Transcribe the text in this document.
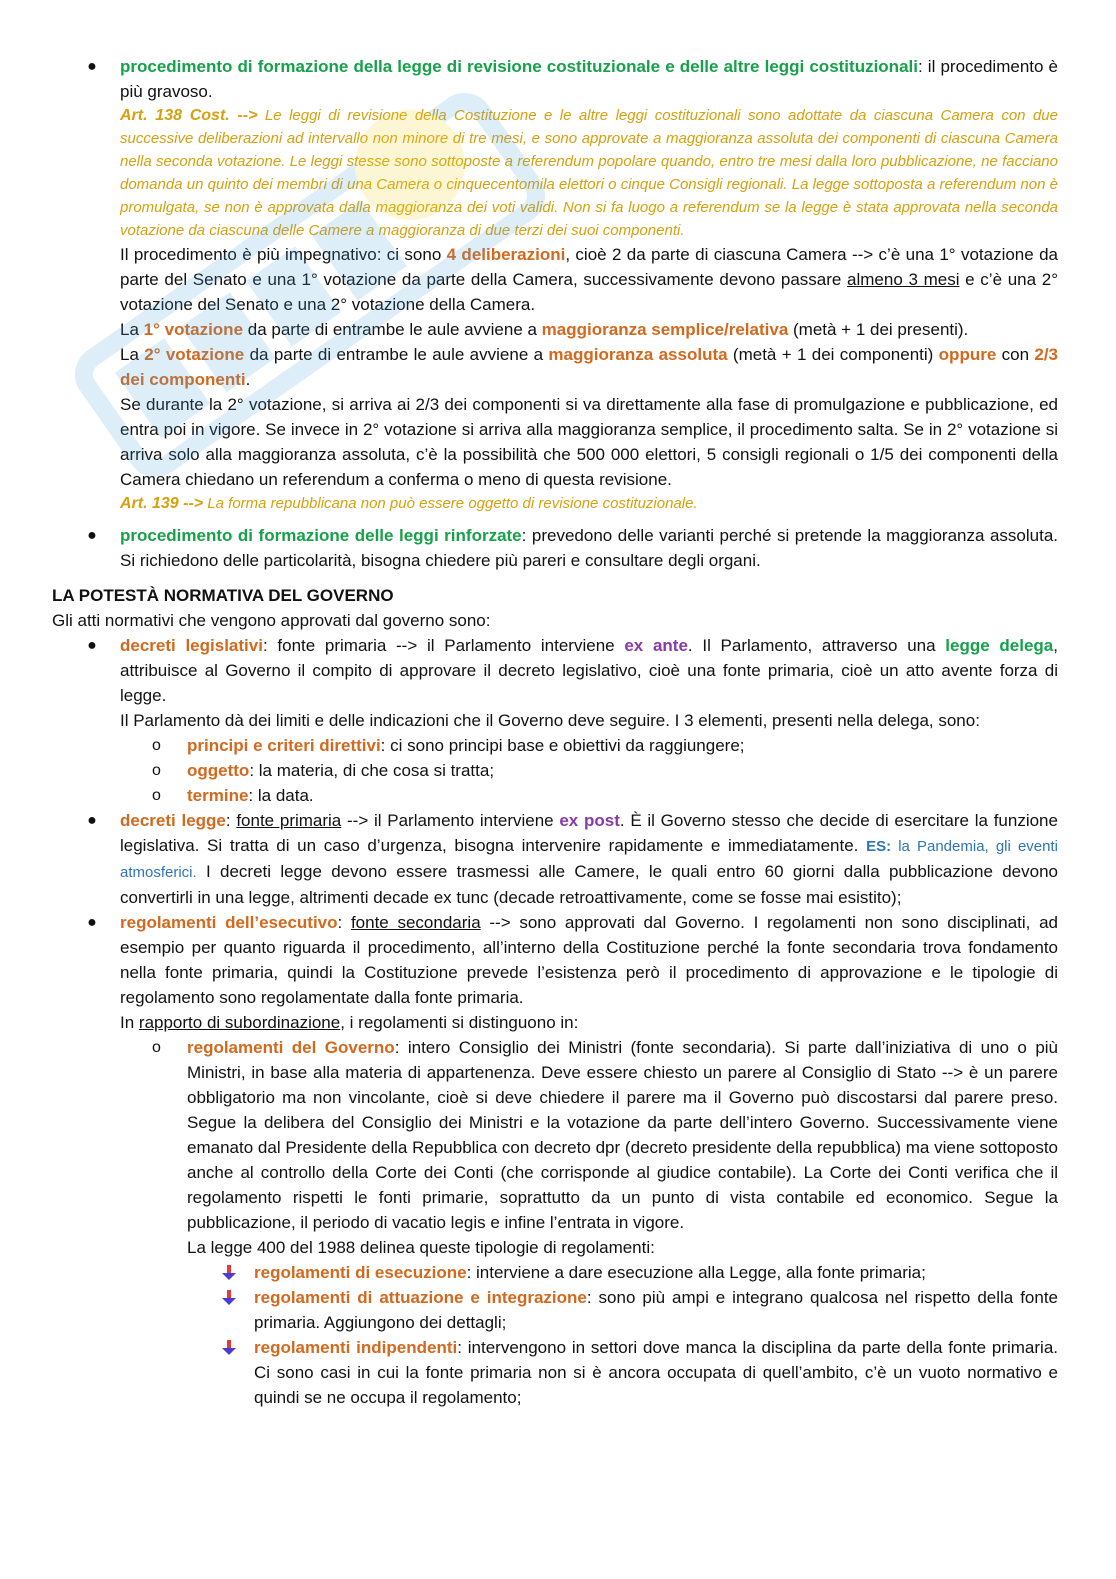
● procedimento di formazione della legge di revisione costituzionale e delle altre leggi costituzionali: il procedimento è più gravoso.
Art. 138 Cost. --> Le leggi di revisione della Costituzione e le altre leggi costituzionali sono adottate da ciascuna Camera con due successive deliberazioni ad intervallo non minore di tre mesi, e sono approvate a maggioranza assoluta dei componenti di ciascuna Camera nella seconda votazione. Le leggi stesse sono sottoposte a referendum popolare quando, entro tre mesi dalla loro pubblicazione, ne facciano domanda un quinto dei membri di una Camera o cinquecentomila elettori o cinque Consigli regionali. La legge sottoposta a referendum non è promulgata, se non è approvata dalla maggioranza dei voti validi. Non si fa luogo a referendum se la legge è stata approvata nella seconda votazione da ciascuna delle Camere a maggioranza di due terzi dei suoi componenti.
Il procedimento è più impegnativo: ci sono 4 deliberazioni, cioè 2 da parte di ciascuna Camera --> c’è una 1° votazione da parte del Senato e una 1° votazione da parte della Camera, successivamente devono passare almeno 3 mesi e c’è una 2° votazione del Senato e una 2° votazione della Camera.
La 1° votazione da parte di entrambe le aule avviene a maggioranza semplice/relativa (metà + 1 dei presenti).
La 2° votazione da parte di entrambe le aule avviene a maggioranza assoluta (metà + 1 dei componenti) oppure con 2/3 dei componenti.
Se durante la 2° votazione, si arriva ai 2/3 dei componenti si va direttamente alla fase di promulgazione e pubblicazione, ed entra poi in vigore. Se invece in 2° votazione si arriva alla maggioranza semplice, il procedimento salta. Se in 2° votazione si arriva solo alla maggioranza assoluta, c’è la possibilità che 500 000 elettori, 5 consigli regionali o 1/5 dei componenti della Camera chiedano un referendum a conferma o meno di questa revisione.
Art. 139 --> La forma repubblicana non può essere oggetto di revisione costituzionale.
● procedimento di formazione delle leggi rinforzate: prevedono delle varianti perché si pretende la maggioranza assoluta. Si richiedono delle particolarità, bisogna chiedere più pareri e consultare degli organi.
LA POTESTÀ NORMATIVA DEL GOVERNO
Gli atti normativi che vengono approvati dal governo sono:
● decreti legislativi: fonte primaria --> il Parlamento interviene ex ante. Il Parlamento, attraverso una legge delega, attribuisce al Governo il compito di approvare il decreto legislativo, cioè una fonte primaria, cioè un atto avente forza di legge.
Il Parlamento dà dei limiti e delle indicazioni che il Governo deve seguire. I 3 elementi, presenti nella delega, sono:
o principi e criteri direttivi: ci sono principi base e obiettivi da raggiungere;
o oggetto: la materia, di che cosa si tratta;
o termine: la data.
● decreti legge: fonte primaria --> il Parlamento interviene ex post. È il Governo stesso che decide di esercitare la funzione legislativa. Si tratta di un caso d’urgenza, bisogna intervenire rapidamente e immediatamente. ES: la Pandemia, gli eventi atmosferici. I decreti legge devono essere trasmessi alle Camere, le quali entro 60 giorni dalla pubblicazione devono convertirli in una legge, altrimenti decade ex tunc (decade retroattivamente, come se fosse mai esistito);
● regolamenti dell’esecutivo: fonte secondaria --> sono approvati dal Governo. I regolamenti non sono disciplinati, ad esempio per quanto riguarda il procedimento, all’interno della Costituzione perché la fonte secondaria trova fondamento nella fonte primaria, quindi la Costituzione prevede l’esistenza però il procedimento di approvazione e le tipologie di regolamento sono regolamentate dalla fonte primaria.
In rapporto di subordinazione, i regolamenti si distinguono in:
o regolamenti del Governo: intero Consiglio dei Ministri (fonte secondaria). Si parte dall’iniziativa di uno o più Ministri, in base alla materia di appartenenza. Deve essere chiesto un parere al Consiglio di Stato --> è un parere obbligatorio ma non vincolante, cioè si deve chiedere il parere ma il Governo può discostarsi dal parere preso. Segue la delibera del Consiglio dei Ministri e la votazione da parte dell’intero Governo. Successivamente viene emanato dal Presidente della Repubblica con decreto dpr (decreto presidente della repubblica) ma viene sottoposto anche al controllo della Corte dei Conti (che corrisponde al giudice contabile). La Corte dei Conti verifica che il regolamento rispetti le fonti primarie, soprattutto da un punto di vista contabile ed economico. Segue la pubblicazione, il periodo di vacatio legis e infine l’entrata in vigore.
La legge 400 del 1988 delinea queste tipologie di regolamenti:
regolamenti di esecuzione: interviene a dare esecuzione alla Legge, alla fonte primaria;
regolamenti di attuazione e integrazione: sono più ampi e integrano qualcosa nel rispetto della fonte primaria. Aggiungono dei dettagli;
regolamenti indipendenti: intervengono in settori dove manca la disciplina da parte della fonte primaria. Ci sono casi in cui la fonte primaria non si è ancora occupata di quell’ambito, c’è un vuoto normativo e quindi se ne occupa il regolamento;
